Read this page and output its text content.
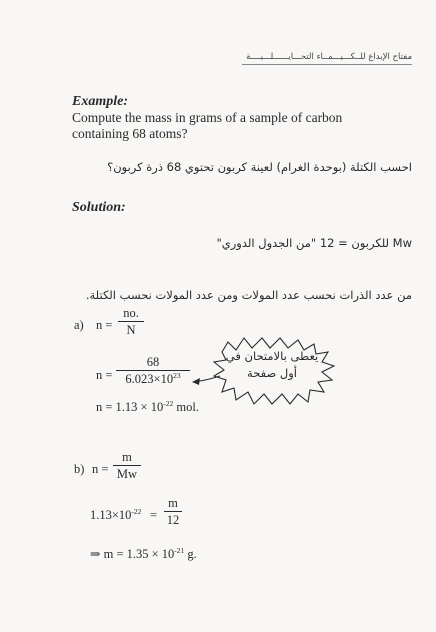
مفتاح الإبداع للــكـــيـــمــاء التحـــايــــــلـــيــــة
Example:
Compute the mass in grams of a sample of carbon
containing 68 atoms?
احسب الكتلة (بوحدة الغرام) لعينة كربون تحتوي 68 ذرة كربون؟
Solution:
Mw للكربون = 12 "من الجدول الدوري"
من عدد الذرات نحسب عدد المولات ومن عدد المولات نحسب الكتلة.
a) n =
no.
N
n =
68
$6.023\times 10^{23}$
$n = 1.13 \times 10^{-22}$ mol.
يعطى بالامتحان في
أول صفحة
b) n =
m
Mw
$1.13\times 10^{-22}$ =
m
12
⇒ $m = 1.35 \times 10^{-21}$ g.
